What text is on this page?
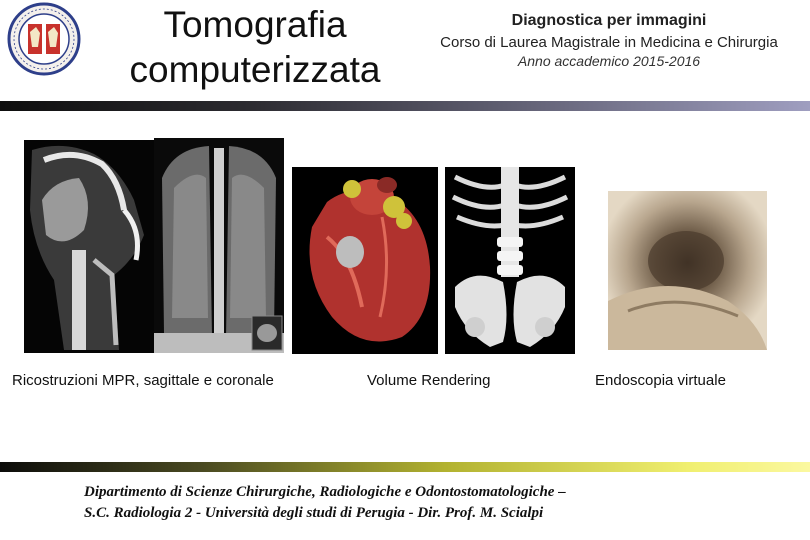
Tomografia
computerizzata
Diagnostica per immagini
Corso di Laurea Magistrale in Medicina e Chirurgia
Anno accademico 2015-2016
Ricostruzioni MPR, sagittale e coronale	Volume Rendering	Endoscopia virtuale
Dipartimento di Scienze Chirurgiche, Radiologiche e Odontostomatologiche –
S.C. Radiologia 2 - Università degli studi di Perugia - Dir. Prof. M. Scialpi
